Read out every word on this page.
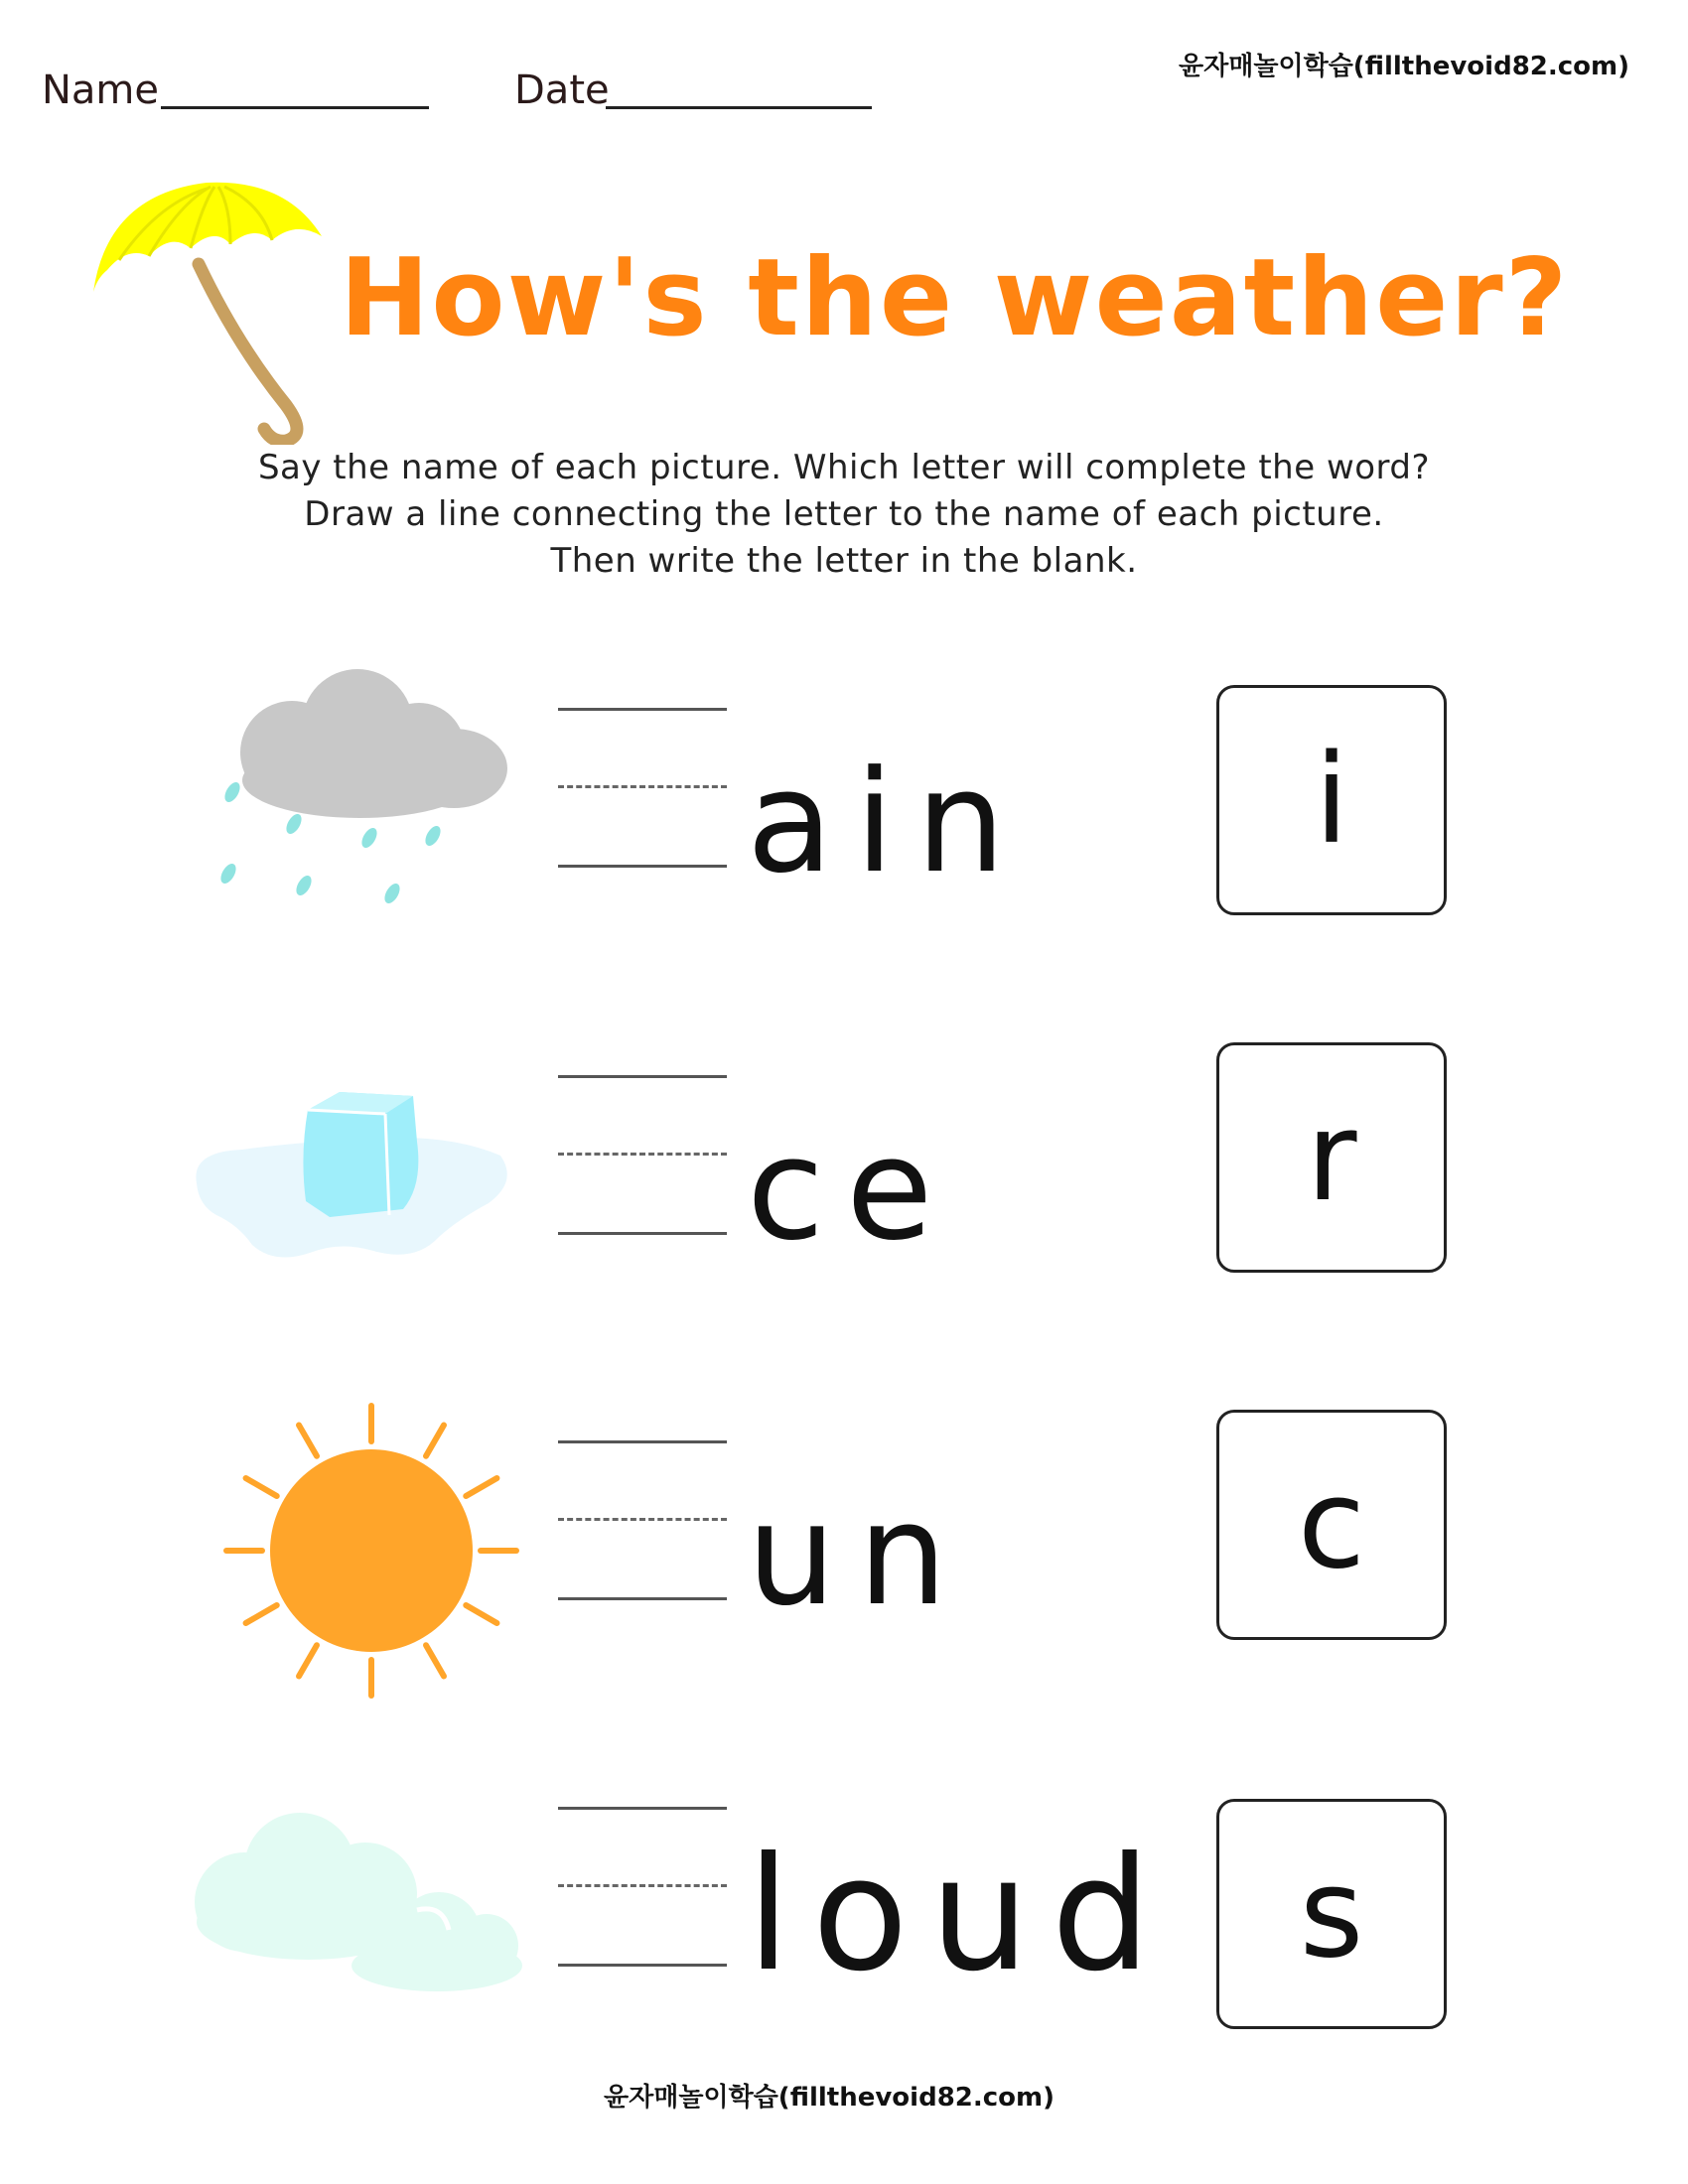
Name	Date
윤자매놀이학습(fillthevoid82.com)
How's the weather?
Say the name of each picture. Which letter will complete the word?
Draw a line connecting the letter to the name of each picture.
Then write the letter in the blank.
ain i
ce	r
un	c
loud s
윤자매놀이학습(fillthevoid82.com)
